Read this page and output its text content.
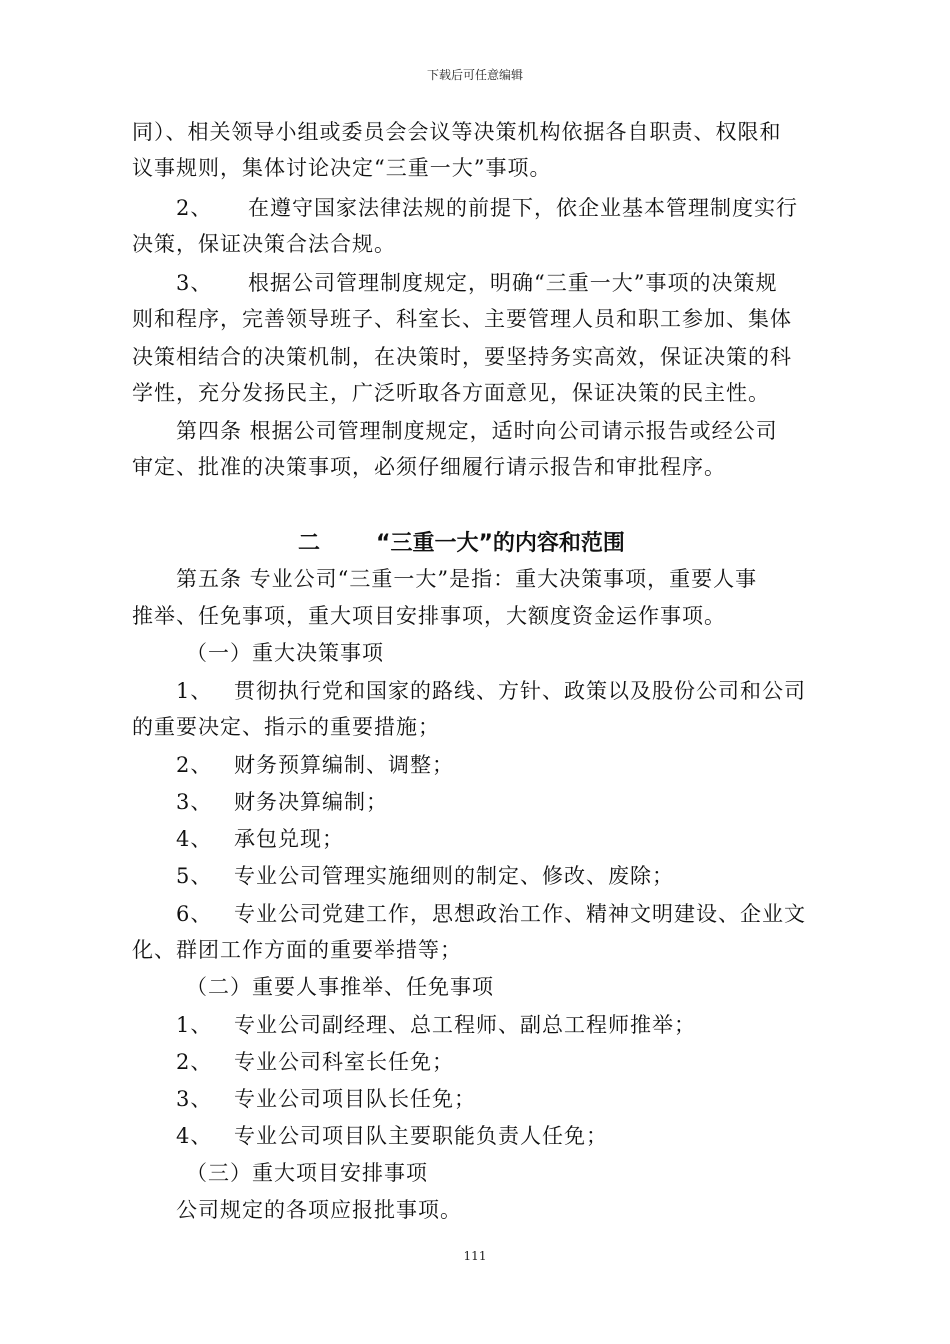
下载后可任意编辑
同）、相关领导小组或委员会会议等决策机构依据各自职责、权限和
议事规则，集体讨论决定“三重一大”事项。
2、 在遵守国家法律法规的前提下，依企业基本管理制度实行
决策，保证决策合法合规。
3、 根据公司管理制度规定，明确“三重一大”事项的决策规
则和程序，完善领导班子、科室长、主要管理人员和职工参加、集体
决策相结合的决策机制，在决策时，要坚持务实高效，保证决策的科
学性，充分发扬民主，广泛听取各方面意见，保证决策的民主性。
第四条 根据公司管理制度规定，适时向公司请示报告或经公司
审定、批准的决策事项，必须仔细履行请示报告和审批程序。
二	“三重一大”的内容和范围
第五条 专业公司“三重一大”是指：重大决策事项，重要人事
推举、任免事项，重大项目安排事项，大额度资金运作事项。
（一）重大决策事项
1、 贯彻执行党和国家的路线、方针、政策以及股份公司和公司
的重要决定、指示的重要措施；
2、 财务预算编制、调整；
3、 财务决算编制；
4、 承包兑现；
5、 专业公司管理实施细则的制定、修改、废除；
6、 专业公司党建工作，思想政治工作、精神文明建设、企业文
化、群团工作方面的重要举措等；
（二）重要人事推举、任免事项
1、 专业公司副经理、总工程师、副总工程师推举；
2、 专业公司科室长任免；
3、 专业公司项目队长任免；
4、 专业公司项目队主要职能负责人任免；
（三）重大项目安排事项
公司规定的各项应报批事项。
111
